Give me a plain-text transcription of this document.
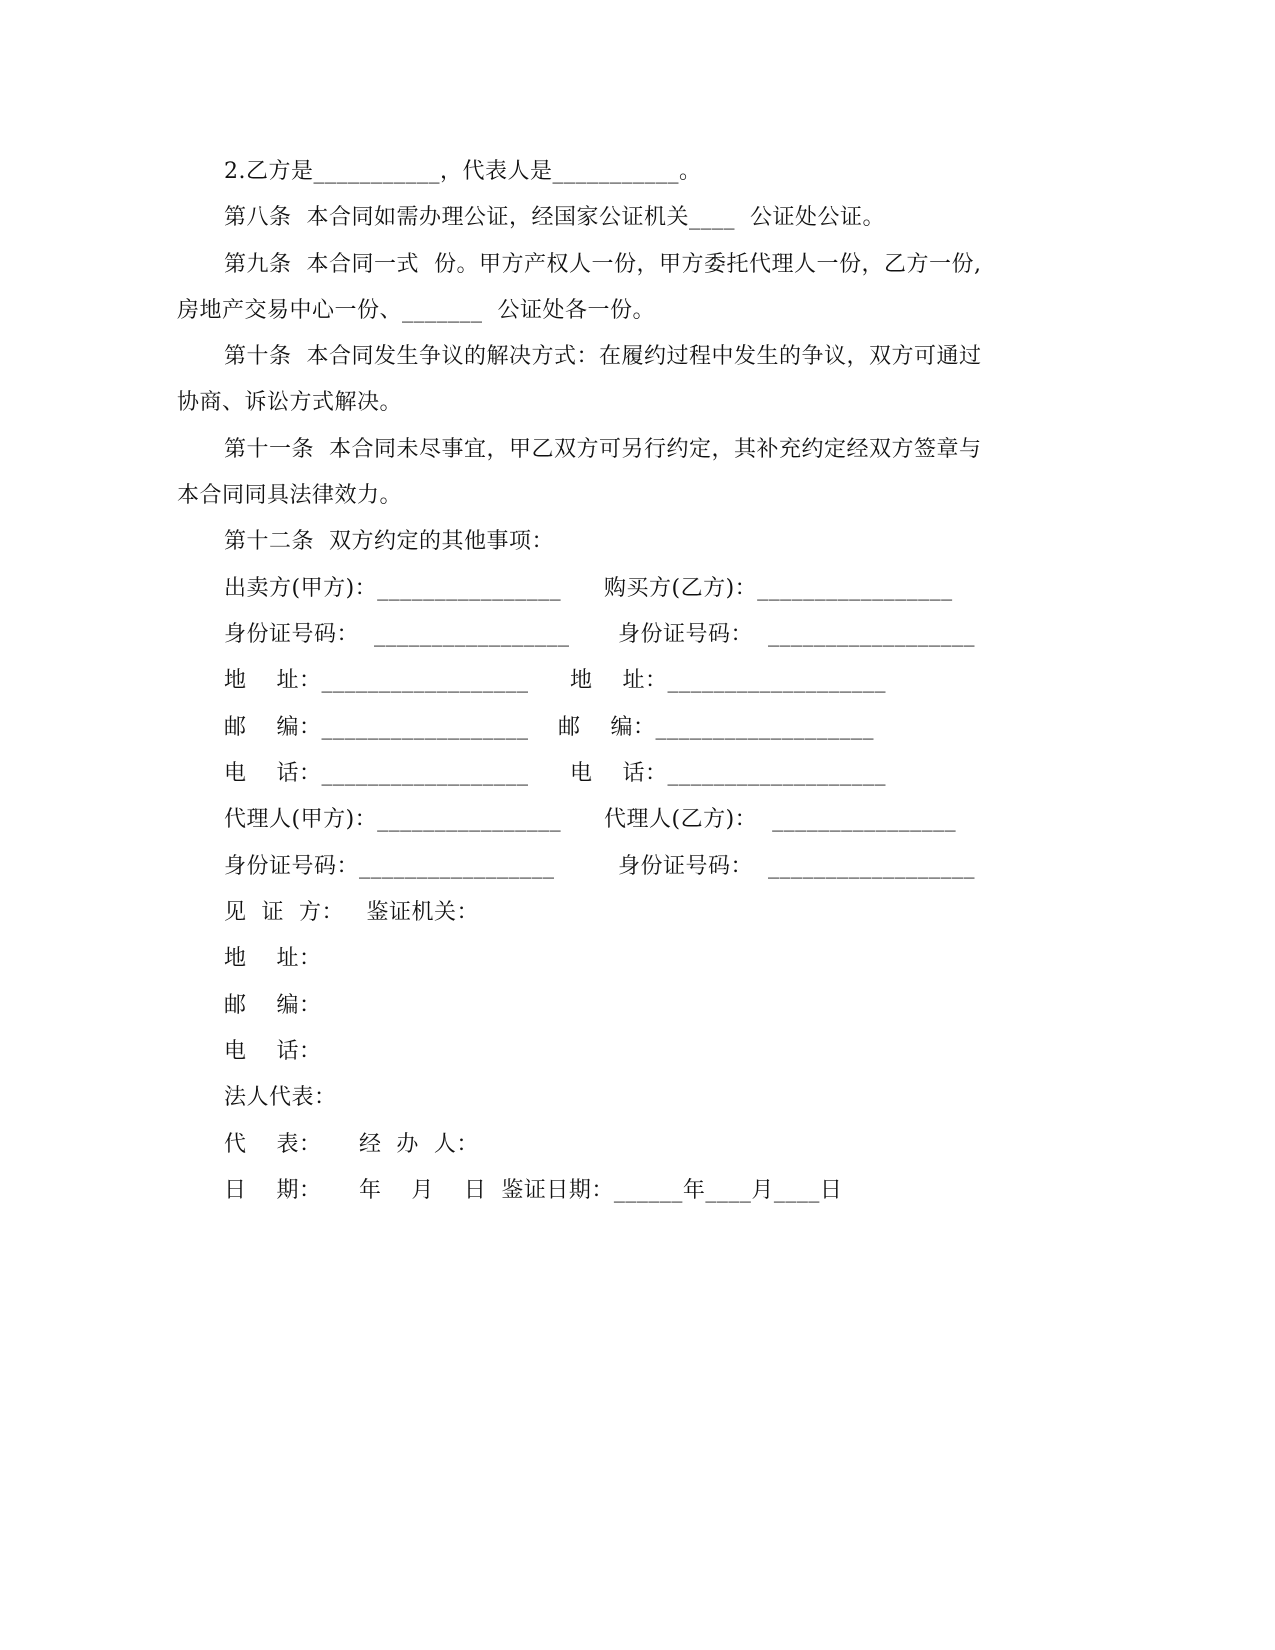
2.乙方是___________，代表人是___________。
第八条  本合同如需办理公证，经国家公证机关____  公证处公证。
第九条  本合同一式  份。甲方产权人一份，甲方委托代理人一份，乙方一份,
房地产交易中心一份、_______  公证处各一份。
第十条  本合同发生争议的解决方式：在履约过程中发生的争议，双方可通过
协商、诉讼方式解决。
第十一条  本合同未尽事宜，甲乙双方可另行约定，其补充约定经双方签章与
本合同同具法律效力。
第十二条  双方约定的其他事项：
出卖方(甲方)：________________
身份证号码：  _________________
地    址：__________________
邮    编：__________________
电    话：__________________
代理人(甲方)：________________
身份证号码：_________________
购买方(乙方)：_________________
身份证号码：  __________________
地    址：___________________
邮    编：___________________
电    话：___________________
代理人(乙方)：  ________________
身份证号码：  __________________
见  证  方：   鉴证机关：
地    址：
邮    编：
电    话：
法人代表：
代    表：     经  办  人：
日    期：     年    月    日  鉴证日期：______年____月____日
